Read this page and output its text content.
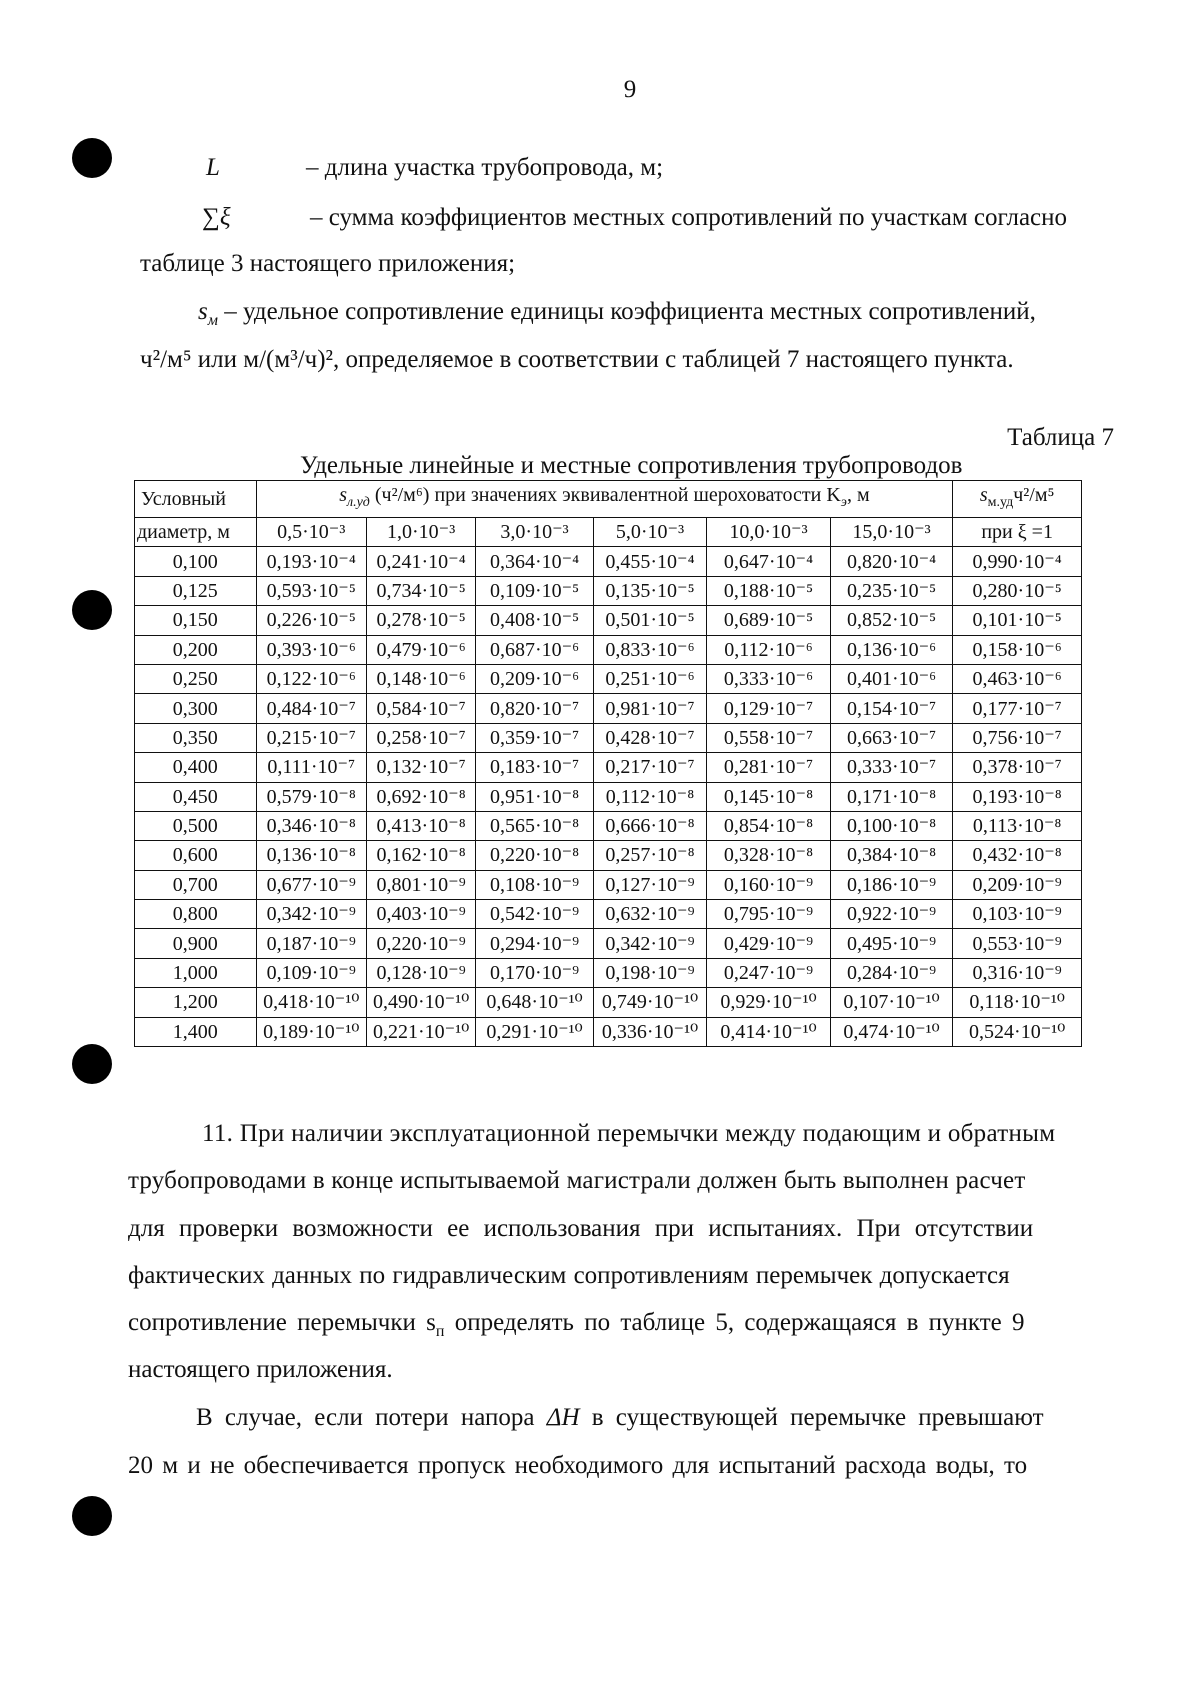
9
L	– длина участка трубопровода, м;
∑ξ	– сумма коэффициентов местных сопротивлений по участкам согласно
таблице 3 настоящего приложения;
$s_м$ – удельное сопротивление единицы коэффициента местных сопротивлений,
ч²/м⁵ или м/(м³/ч)², определяемое в соответствии с таблицей 7 настоящего пункта.
Таблица 7
Удельные линейные и местные сопротивления трубопроводов
Условный	$s_{л.уд}$ (ч²/м⁶) при значениях эквивалентной шероховатости $K_э$, м						$s_{м.уд}ч^2/м^5$
диаметр, м	0,5·10⁻³	1,0·10⁻³	3,0·10⁻³	5,0·10⁻³	10,0·10⁻³	15,0·10⁻³	при ξ =1
0,100	0,193·10⁻⁴	0,241·10⁻⁴	0,364·10⁻⁴	0,455·10⁻⁴	0,647·10⁻⁴	0,820·10⁻⁴	0,990·10⁻⁴
0,125	0,593·10⁻⁵	0,734·10⁻⁵	0,109·10⁻⁵	0,135·10⁻⁵	0,188·10⁻⁵	0,235·10⁻⁵	0,280·10⁻⁵
0,150	0,226·10⁻⁵	0,278·10⁻⁵	0,408·10⁻⁵	0,501·10⁻⁵	0,689·10⁻⁵	0,852·10⁻⁵	0,101·10⁻⁵
0,200	0,393·10⁻⁶	0,479·10⁻⁶	0,687·10⁻⁶	0,833·10⁻⁶	0,112·10⁻⁶	0,136·10⁻⁶	0,158·10⁻⁶
0,250	0,122·10⁻⁶	0,148·10⁻⁶	0,209·10⁻⁶	0,251·10⁻⁶	0,333·10⁻⁶	0,401·10⁻⁶	0,463·10⁻⁶
0,300	0,484·10⁻⁷	0,584·10⁻⁷	0,820·10⁻⁷	0,981·10⁻⁷	0,129·10⁻⁷	0,154·10⁻⁷	0,177·10⁻⁷
0,350	0,215·10⁻⁷	0,258·10⁻⁷	0,359·10⁻⁷	0,428·10⁻⁷	0,558·10⁻⁷	0,663·10⁻⁷	0,756·10⁻⁷
0,400	0,111·10⁻⁷	0,132·10⁻⁷	0,183·10⁻⁷	0,217·10⁻⁷	0,281·10⁻⁷	0,333·10⁻⁷	0,378·10⁻⁷
0,450	0,579·10⁻⁸	0,692·10⁻⁸	0,951·10⁻⁸	0,112·10⁻⁸	0,145·10⁻⁸	0,171·10⁻⁸	0,193·10⁻⁸
0,500	0,346·10⁻⁸	0,413·10⁻⁸	0,565·10⁻⁸	0,666·10⁻⁸	0,854·10⁻⁸	0,100·10⁻⁸	0,113·10⁻⁸
0,600	0,136·10⁻⁸	0,162·10⁻⁸	0,220·10⁻⁸	0,257·10⁻⁸	0,328·10⁻⁸	0,384·10⁻⁸	0,432·10⁻⁸
0,700	0,677·10⁻⁹	0,801·10⁻⁹	0,108·10⁻⁹	0,127·10⁻⁹	0,160·10⁻⁹	0,186·10⁻⁹	0,209·10⁻⁹
0,800	0,342·10⁻⁹	0,403·10⁻⁹	0,542·10⁻⁹	0,632·10⁻⁹	0,795·10⁻⁹	0,922·10⁻⁹	0,103·10⁻⁹
0,900	0,187·10⁻⁹	0,220·10⁻⁹	0,294·10⁻⁹	0,342·10⁻⁹	0,429·10⁻⁹	0,495·10⁻⁹	0,553·10⁻⁹
1,000	0,109·10⁻⁹	0,128·10⁻⁹	0,170·10⁻⁹	0,198·10⁻⁹	0,247·10⁻⁹	0,284·10⁻⁹	0,316·10⁻⁹
1,200	0,418·10⁻¹⁰	0,490·10⁻¹⁰	0,648·10⁻¹⁰	0,749·10⁻¹⁰	0,929·10⁻¹⁰	0,107·10⁻¹⁰	0,118·10⁻¹⁰
1,400	0,189·10⁻¹⁰	0,221·10⁻¹⁰	0,291·10⁻¹⁰	0,336·10⁻¹⁰	0,414·10⁻¹⁰	0,474·10⁻¹⁰	0,524·10⁻¹⁰
11. При наличии эксплуатационной перемычки между подающим и обратным
трубопроводами в конце испытываемой магистрали должен быть выполнен расчет
для проверки возможности ее использования при испытаниях. При отсутствии
фактических данных по гидравлическим сопротивлениям перемычек допускается
сопротивление перемычки $s_п$ определять по таблице 5, содержащаяся в пункте 9
настоящего приложения.
В случае, если потери напора ΔH в существующей перемычке превышают
20 м и не обеспечивается пропуск необходимого для испытаний расхода воды, то
